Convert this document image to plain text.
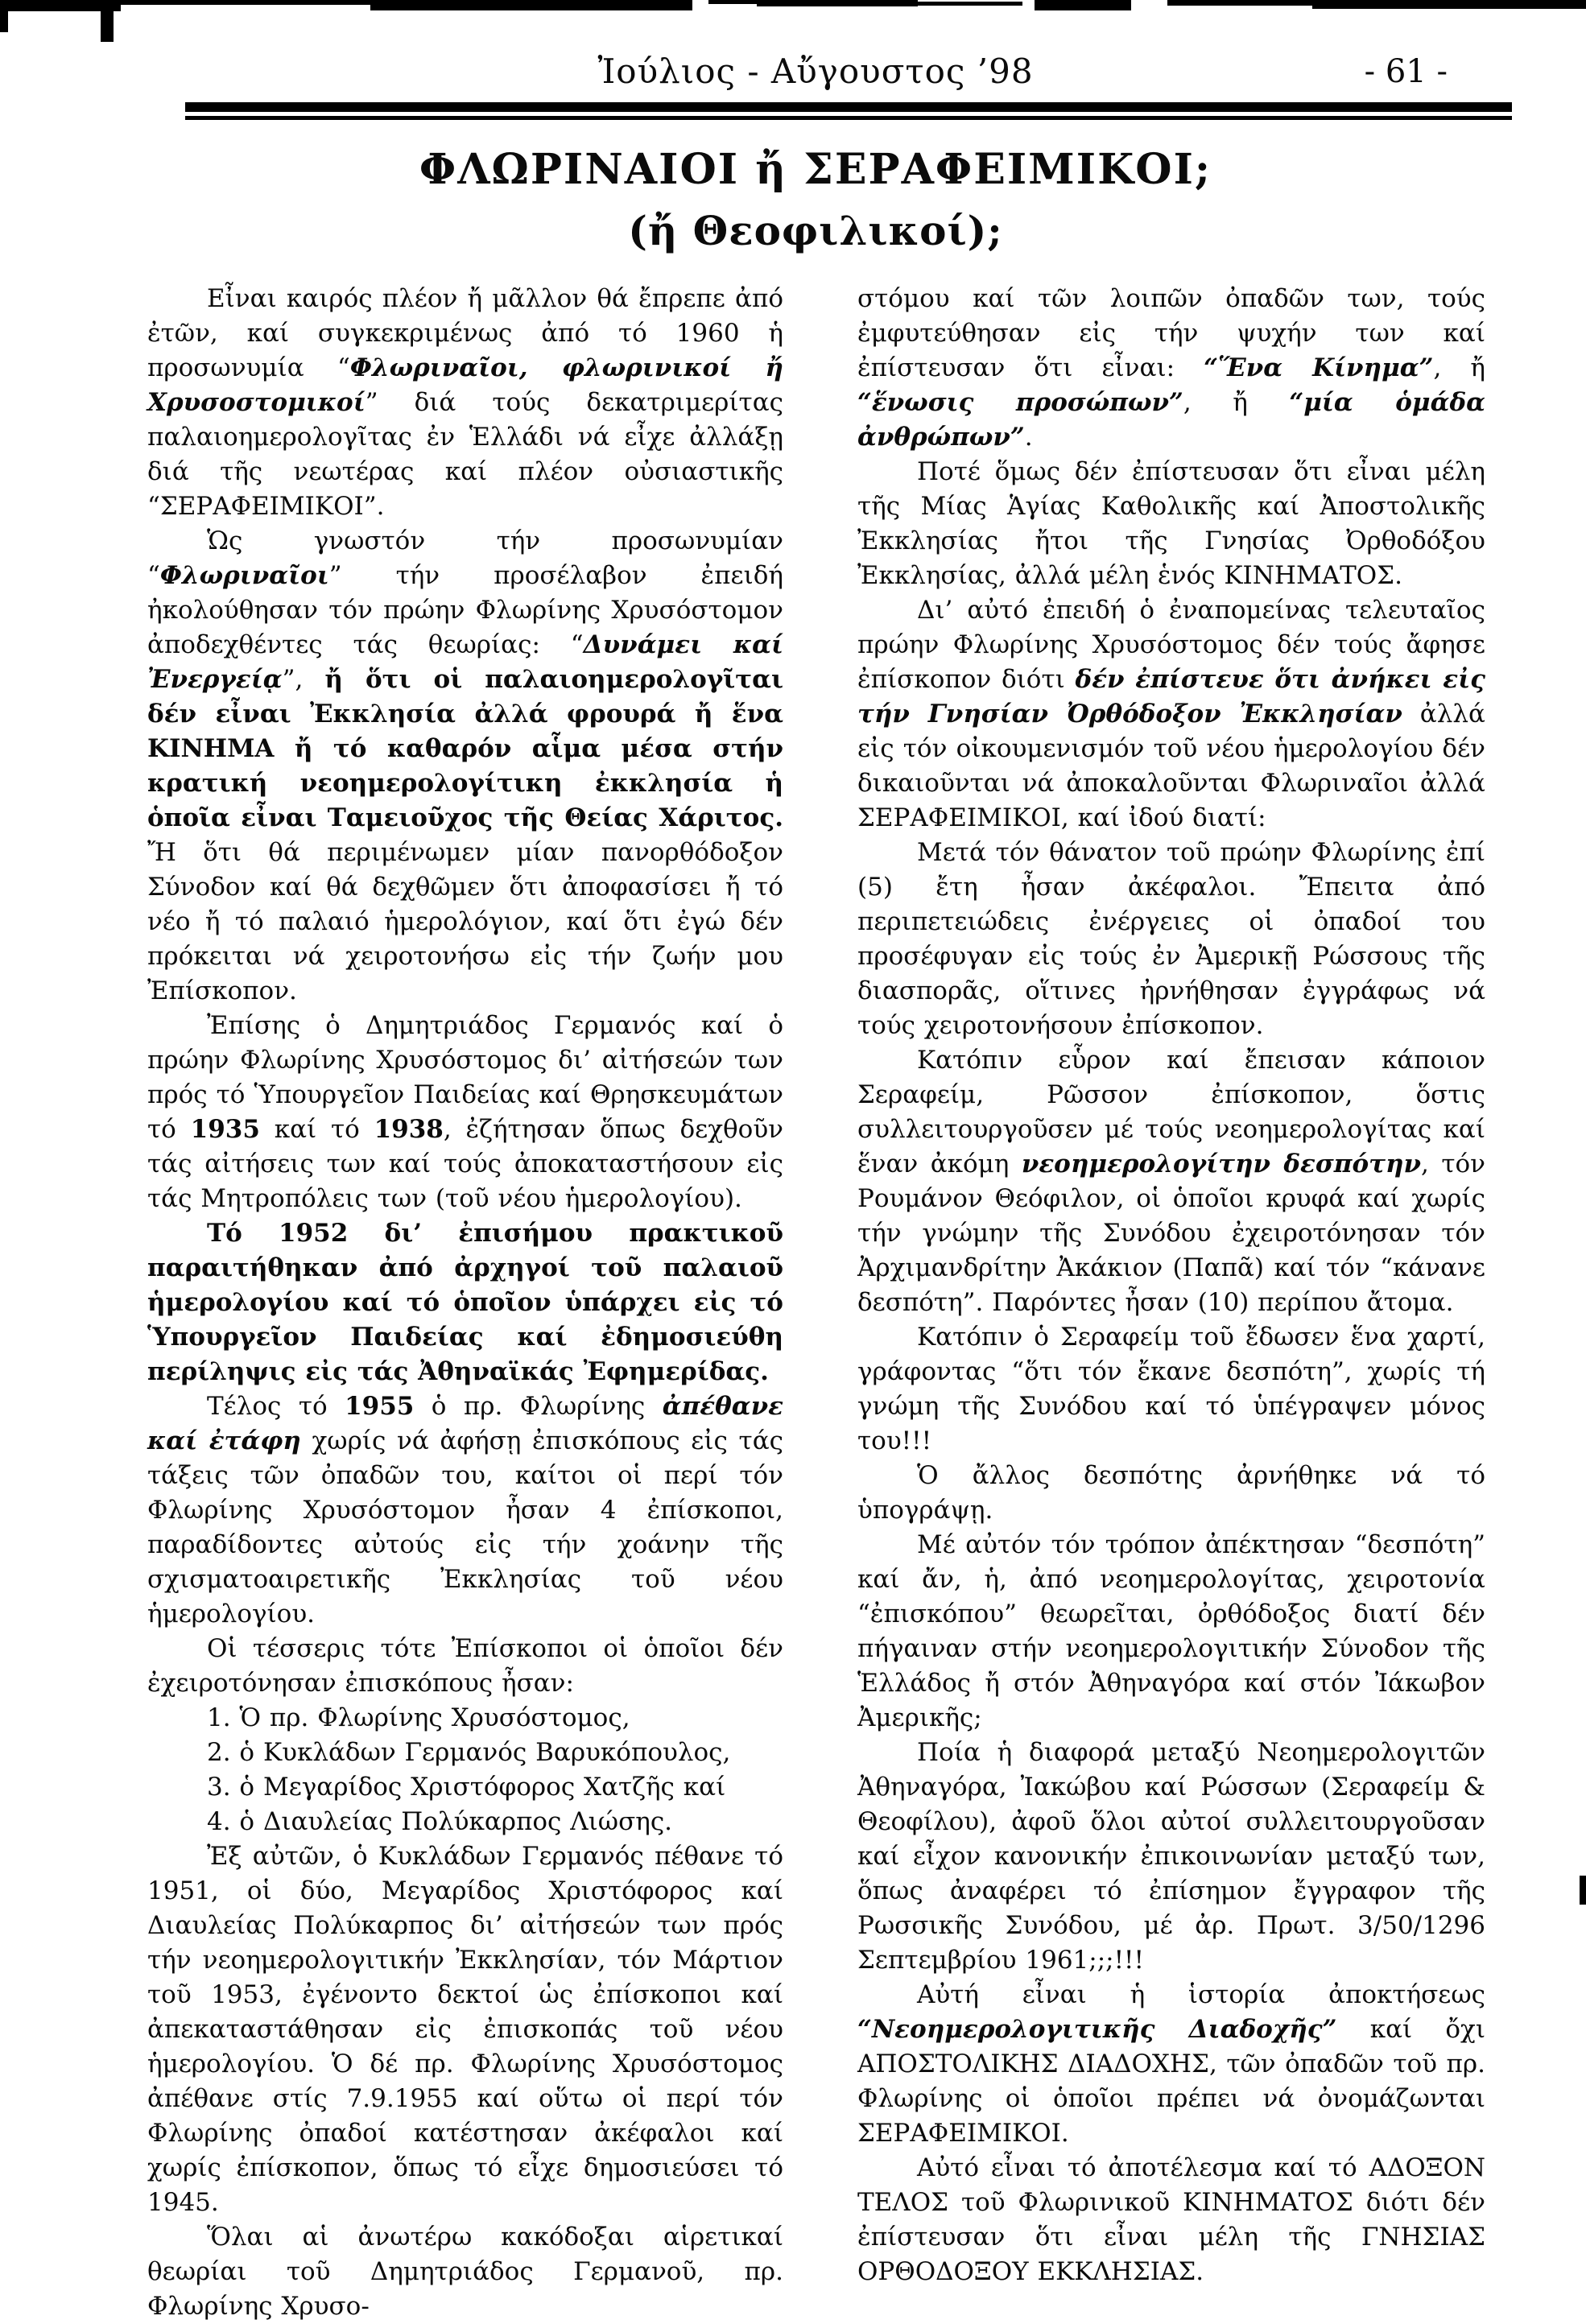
Ἰούλιος - Αὔγουστος ’98	- 61 -
ΦΛΩΡΙΝΑΙΟΙ ἤ ΣΕΡΑΦΕΙΜΙΚΟΙ;
(ἤ Θεοφιλικοί);

Εἶναι καιρός πλέον ἤ μᾶλλον θά ἔπρεπε ἀπό ἐτῶν, καί συγκεκριμένως ἀπό τό 1960 ἡ προσωνυμία “Φλωριναῖοι, φλωρινικοί ἤ Χρυσοστομικοί” διά τούς δεκατριμερίτας παλαιοημερολογῖτας ἐν Ἑλλάδι νά εἶχε ἀλλάξῃ διά τῆς νεωτέρας καί πλέον οὐσιαστικῆς “ΣΕΡΑΦΕΙΜΙΚΟΙ”.

Ὡς γνωστόν τήν προσωνυμίαν “Φλωριναῖοι” τήν προσέλαβον ἐπειδή ἠκολούθησαν τόν πρώην Φλωρίνης Χρυσόστομον ἀποδεχθέντες τάς θεωρίας: “Δυνάμει καί Ἐνεργείᾳ”, ἤ ὅτι οἱ παλαιοημερολογῖται δέν εἶναι Ἐκκλησία ἀλλά φρουρά ἤ ἕνα ΚΙΝΗΜΑ ἤ τό καθαρόν αἷμα μέσα στήν κρατική νεοημερολογίτικη ἐκκλησία ἡ ὁποῖα εἶναι Ταμειοῦχος τῆς Θείας Χάριτος. Ἤ ὅτι θά περιμένωμεν μίαν πανορθόδοξον Σύνοδον καί θά δεχθῶμεν ὅτι ἀποφασίσει ἤ τό νέο ἤ τό παλαιό ἡμερολόγιον, καί ὅτι ἐγώ δέν πρόκειται νά χειροτονήσω εἰς τήν ζωήν μου Ἐπίσκοπον.

Ἐπίσης ὁ Δημητριάδος Γερμανός καί ὁ πρώην Φλωρίνης Χρυσόστομος δι’ αἰτήσεών των πρός τό Ὑπουργεῖον Παιδείας καί Θρησκευμάτων τό 1935 καί τό 1938, ἐζήτησαν ὅπως δεχθοῦν τάς αἰτήσεις των καί τούς ἀποκαταστήσουν εἰς τάς Μητροπόλεις των (τοῦ νέου ἡμερολογίου).

Τό 1952 δι’ ἐπισήμου πρακτικοῦ παραιτήθηκαν ἀπό ἀρχηγοί τοῦ παλαιοῦ ἡμερολογίου καί τό ὁποῖον ὑπάρχει εἰς τό Ὑπουργεῖον Παιδείας καί ἐδημοσιεύθη περίληψις εἰς τάς Ἀθηναϊκάς Ἐφημερίδας.

Τέλος τό 1955 ὁ πρ. Φλωρίνης ἀπέθανε καί ἐτάφη χωρίς νά ἀφήσῃ ἐπισκόπους εἰς τάς τάξεις τῶν ὀπαδῶν του, καίτοι οἱ περί τόν Φλωρίνης Χρυσόστομον ἦσαν 4 ἐπίσκοποι, παραδίδοντες αὐτούς εἰς τήν χοάνην τῆς σχισματοαιρετικῆς Ἐκκλησίας τοῦ νέου ἡμερολογίου.

Οἱ τέσσερις τότε Ἐπίσκοποι οἱ ὁποῖοι δέν ἐχειροτόνησαν ἐπισκόπους ἦσαν:

1. Ὁ πρ. Φλωρίνης Χρυσόστομος,

2. ὁ Κυκλάδων Γερμανός Βαρυκόπουλος,

3. ὁ Μεγαρίδος Χριστόφορος Χατζῆς καί

4. ὁ Διαυλείας Πολύκαρπος Λιώσης.

Ἐξ αὐτῶν, ὁ Κυκλάδων Γερμανός πέθανε τό 1951, οἱ δύο, Μεγαρίδος Χριστόφορος καί Διαυλείας Πολύκαρπος δι’ αἰτήσεών των πρός τήν νεοημερολογιτικήν Ἐκκλησίαν, τόν Μάρτιον τοῦ 1953, ἐγένοντο δεκτοί ὡς ἐπίσκοποι καί ἀπεκαταστάθησαν εἰς ἐπισκοπάς τοῦ νέου ἡμερολογίου. Ὁ δέ πρ. Φλωρίνης Χρυσόστομος ἀπέθανε στίς 7.9.1955 καί οὕτω οἱ περί τόν Φλωρίνης ὀπαδοί κατέστησαν ἀκέφαλοι καί χωρίς ἐπίσκοπον, ὅπως τό εἶχε δημοσιεύσει τό 1945.

Ὅλαι αἱ ἀνωτέρω κακόδοξαι αἱρετικαί θεωρίαι τοῦ Δημητριάδος Γερμανοῦ, πρ. Φλωρίνης Χρυσο-

στόμου καί τῶν λοιπῶν ὀπαδῶν των, τούς ἐμφυτεύθησαν εἰς τήν ψυχήν των καί ἐπίστευσαν ὅτι εἶναι: “Ἕνα Κίνημα”, ἤ “ἕνωσις προσώπων”, ἤ “μία ὁμάδα ἀνθρώπων”.

Ποτέ ὅμως δέν ἐπίστευσαν ὅτι εἶναι μέλη τῆς Μίας Ἁγίας Καθολικῆς καί Ἀποστολικῆς Ἐκκλησίας ἤτοι τῆς Γνησίας Ὀρθοδόξου Ἐκκλησίας, ἀλλά μέλη ἑνός ΚΙΝΗΜΑΤΟΣ.

Δι’ αὐτό ἐπειδή ὁ ἐναπομείνας τελευταῖος πρώην Φλωρίνης Χρυσόστομος δέν τούς ἄφησε ἐπίσκοπον διότι δέν ἐπίστευε ὅτι ἀνήκει εἰς τήν Γνησίαν Ὀρθόδοξον Ἐκκλησίαν ἀλλά εἰς τόν οἰκουμενισμόν τοῦ νέου ἡμερολογίου δέν δικαιοῦνται νά ἀποκαλοῦνται Φλωριναῖοι ἀλλά ΣΕΡΑΦΕΙΜΙΚΟΙ, καί ἰδού διατί:

Μετά τόν θάνατον τοῦ πρώην Φλωρίνης ἐπί (5) ἔτη ἦσαν ἀκέφαλοι. Ἔπειτα ἀπό περιπετειώδεις ἐνέργειες οἱ ὀπαδοί του προσέφυγαν εἰς τούς ἐν Ἀμερικῇ Ρώσσους τῆς διασπορᾶς, οἵτινες ἠρνήθησαν ἐγγράφως νά τούς χειροτονήσουν ἐπίσκοπον.

Κατόπιν εὗρον καί ἔπεισαν κάποιον Σεραφείμ, Ρῶσσον ἐπίσκοπον, ὅστις συλλειτουργοῦσεν μέ τούς νεοημερολογίτας καί ἕναν ἀκόμη νεοημερολογίτην δεσπότην, τόν Ρουμάνον Θεόφιλον, οἱ ὁποῖοι κρυφά καί χωρίς τήν γνώμην τῆς Συνόδου ἐχειροτόνησαν τόν Ἀρχιμανδρίτην Ἀκάκιον (Παπᾶ) καί τόν “κάνανε δεσπότη”. Παρόντες ἦσαν (10) περίπου ἄτομα.

Κατόπιν ὁ Σεραφείμ τοῦ ἔδωσεν ἕνα χαρτί, γράφοντας “ὅτι τόν ἔκανε δεσπότη”, χωρίς τή γνώμη τῆς Συνόδου καί τό ὑπέγραψεν μόνος του!!!

Ὁ ἄλλος δεσπότης ἀρνήθηκε νά τό ὑπογράψῃ.

Μέ αὐτόν τόν τρόπον ἀπέκτησαν “δεσπότη” καί ἄν, ἡ, ἀπό νεοημερολογίτας, χειροτονία “ἐπισκόπου” θεωρεῖται, ὀρθόδοξος διατί δέν πήγαιναν στήν νεοημερολογιτικήν Σύνοδον τῆς Ἑλλάδος ἤ στόν Ἀθηναγόρα καί στόν Ἰάκωβον Ἀμερικῆς;

Ποία ἡ διαφορά μεταξύ Νεοημερολογιτῶν Ἀθηναγόρα, Ἰακώβου καί Ρώσσων (Σεραφείμ & Θεοφίλου), ἀφοῦ ὅλοι αὐτοί συλλειτουργοῦσαν καί εἶχον κανονικήν ἐπικοινωνίαν μεταξύ των, ὅπως ἀναφέρει τό ἐπίσημον ἔγγραφον τῆς Ρωσσικῆς Συνόδου, μέ ἀρ. Πρωτ. 3/50/1296 Σεπτεμβρίου 1961;;;!!!

Αὐτή εἶναι ἡ ἱστορία ἀποκτήσεως “Νεοημερολογιτικῆς Διαδοχῆς” καί ὄχι ΑΠΟΣΤΟΛΙΚΗΣ ΔΙΑΔΟΧΗΣ, τῶν ὀπαδῶν τοῦ πρ. Φλωρίνης οἱ ὁποῖοι πρέπει νά ὀνομάζωνται ΣΕΡΑΦΕΙΜΙΚΟΙ.

Αὐτό εἶναι τό ἀποτέλεσμα καί τό ΑΔΟΞΟΝ ΤΕΛΟΣ τοῦ Φλωρινικοῦ ΚΙΝΗΜΑΤΟΣ διότι δέν ἐπίστευσαν ὅτι εἶναι μέλη τῆς ΓΝΗΣΙΑΣ ΟΡΘΟΔΟΞΟΥ ΕΚΚΛΗΣΙΑΣ.
